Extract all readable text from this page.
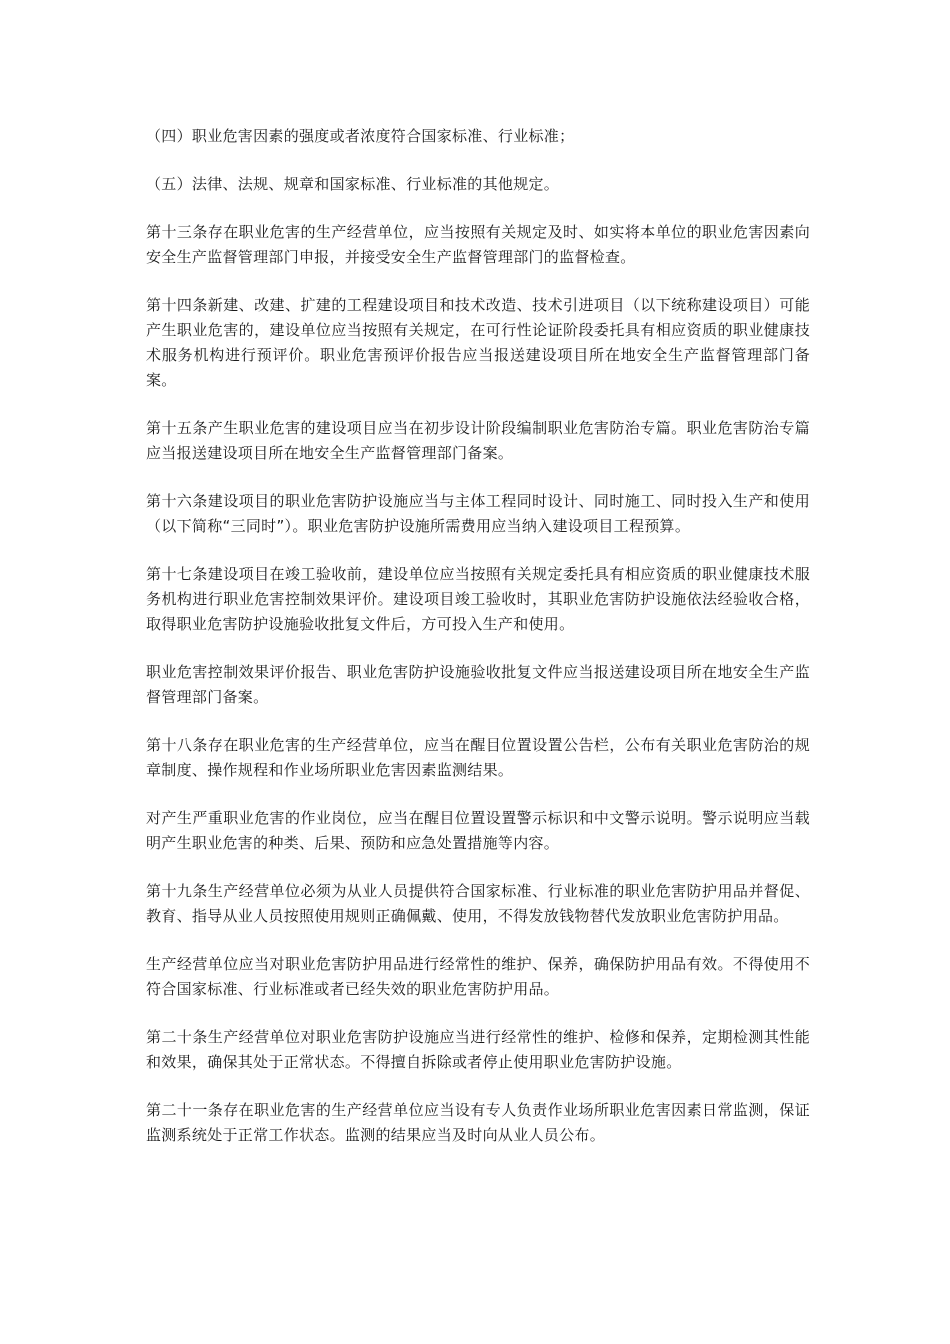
（四）职业危害因素的强度或者浓度符合国家标准、行业标准；

（五）法律、法规、规章和国家标准、行业标准的其他规定。

第十三条存在职业危害的生产经营单位，应当按照有关规定及时、如实将本单位的职业危害因素向安全生产监督管理部门申报，并接受安全生产监督管理部门的监督检查。

第十四条新建、改建、扩建的工程建设项目和技术改造、技术引进项目（以下统称建设项目）可能产生职业危害的，建设单位应当按照有关规定，在可行性论证阶段委托具有相应资质的职业健康技术服务机构进行预评价。职业危害预评价报告应当报送建设项目所在地安全生产监督管理部门备案。

第十五条产生职业危害的建设项目应当在初步设计阶段编制职业危害防治专篇。职业危害防治专篇应当报送建设项目所在地安全生产监督管理部门备案。

第十六条建设项目的职业危害防护设施应当与主体工程同时设计、同时施工、同时投入生产和使用（以下简称“三同时”）。职业危害防护设施所需费用应当纳入建设项目工程预算。

第十七条建设项目在竣工验收前，建设单位应当按照有关规定委托具有相应资质的职业健康技术服务机构进行职业危害控制效果评价。建设项目竣工验收时，其职业危害防护设施依法经验收合格，取得职业危害防护设施验收批复文件后，方可投入生产和使用。

职业危害控制效果评价报告、职业危害防护设施验收批复文件应当报送建设项目所在地安全生产监督管理部门备案。

第十八条存在职业危害的生产经营单位，应当在醒目位置设置公告栏，公布有关职业危害防治的规章制度、操作规程和作业场所职业危害因素监测结果。

对产生严重职业危害的作业岗位，应当在醒目位置设置警示标识和中文警示说明。警示说明应当载明产生职业危害的种类、后果、预防和应急处置措施等内容。

第十九条生产经营单位必须为从业人员提供符合国家标准、行业标准的职业危害防护用品并督促、教育、指导从业人员按照使用规则正确佩戴、使用，不得发放钱物替代发放职业危害防护用品。

生产经营单位应当对职业危害防护用品进行经常性的维护、保养，确保防护用品有效。不得使用不符合国家标准、行业标准或者已经失效的职业危害防护用品。

第二十条生产经营单位对职业危害防护设施应当进行经常性的维护、检修和保养，定期检测其性能和效果，确保其处于正常状态。不得擅自拆除或者停止使用职业危害防护设施。

第二十一条存在职业危害的生产经营单位应当设有专人负责作业场所职业危害因素日常监测，保证监测系统处于正常工作状态。监测的结果应当及时向从业人员公布。
